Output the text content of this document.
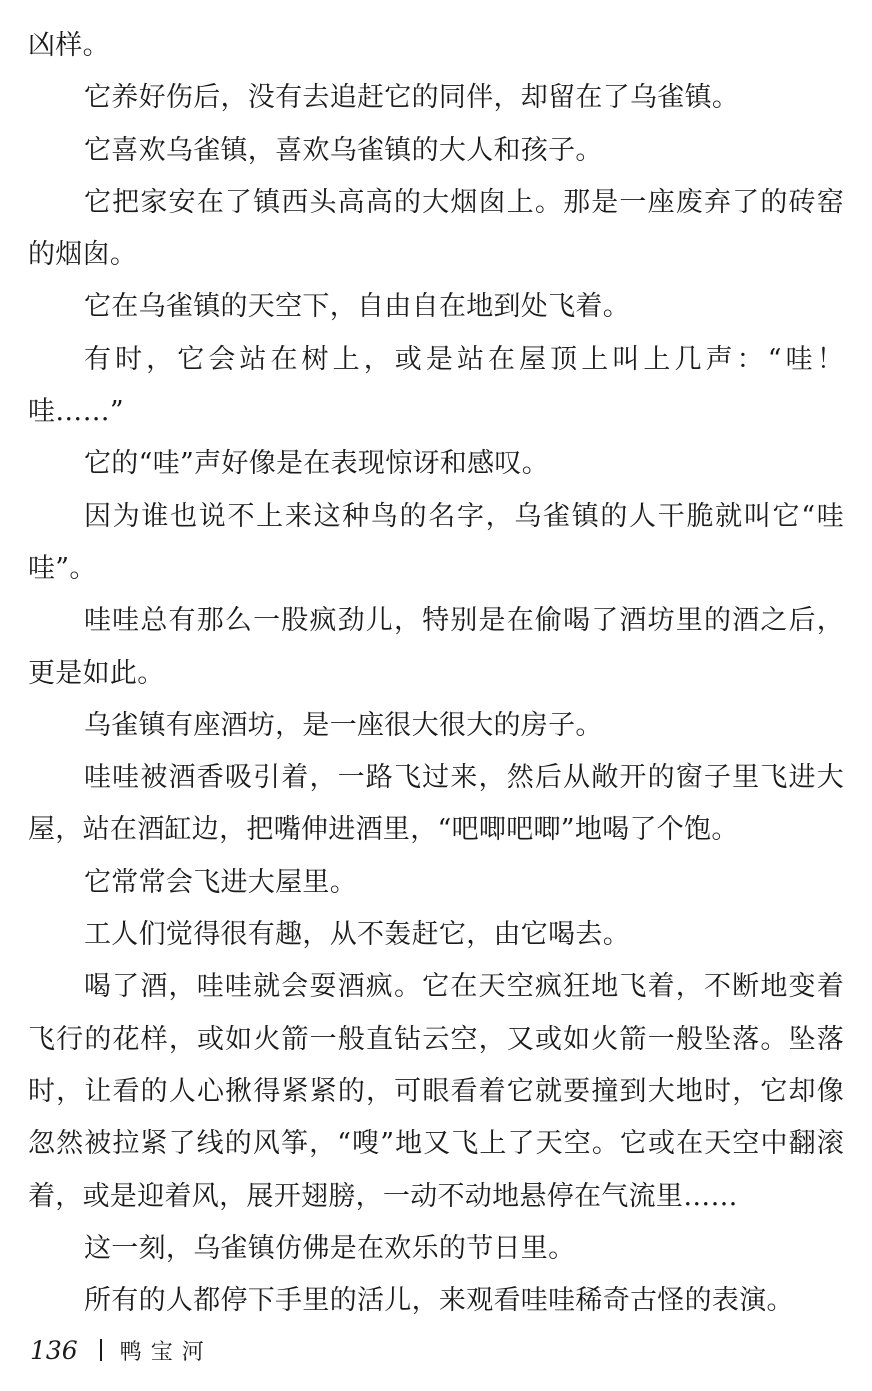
凶样。

它养好伤后，没有去追赶它的同伴，却留在了乌雀镇。

它喜欢乌雀镇，喜欢乌雀镇的大人和孩子。

它把家安在了镇西头高高的大烟囱上。那是一座废弃了的砖窑的烟囱。

它在乌雀镇的天空下，自由自在地到处飞着。

有时，它会站在树上，或是站在屋顶上叫上几声：“哇！哇……”

它的“哇”声好像是在表现惊讶和感叹。

因为谁也说不上来这种鸟的名字，乌雀镇的人干脆就叫它“哇哇”。

哇哇总有那么一股疯劲儿，特别是在偷喝了酒坊里的酒之后，更是如此。

乌雀镇有座酒坊，是一座很大很大的房子。

哇哇被酒香吸引着，一路飞过来，然后从敞开的窗子里飞进大屋，站在酒缸边，把嘴伸进酒里，“吧唧吧唧”地喝了个饱。

它常常会飞进大屋里。

工人们觉得很有趣，从不轰赶它，由它喝去。

喝了酒，哇哇就会耍酒疯。它在天空疯狂地飞着，不断地变着飞行的花样，或如火箭一般直钻云空，又或如火箭一般坠落。坠落时，让看的人心揪得紧紧的，可眼看着它就要撞到大地时，它却像忽然被拉紧了线的风筝，“嗖”地又飞上了天空。它或在天空中翻滚着，或是迎着风，展开翅膀，一动不动地悬停在气流里……

这一刻，乌雀镇仿佛是在欢乐的节日里。

所有的人都停下手里的活儿，来观看哇哇稀奇古怪的表演。

136 鸭宝河
